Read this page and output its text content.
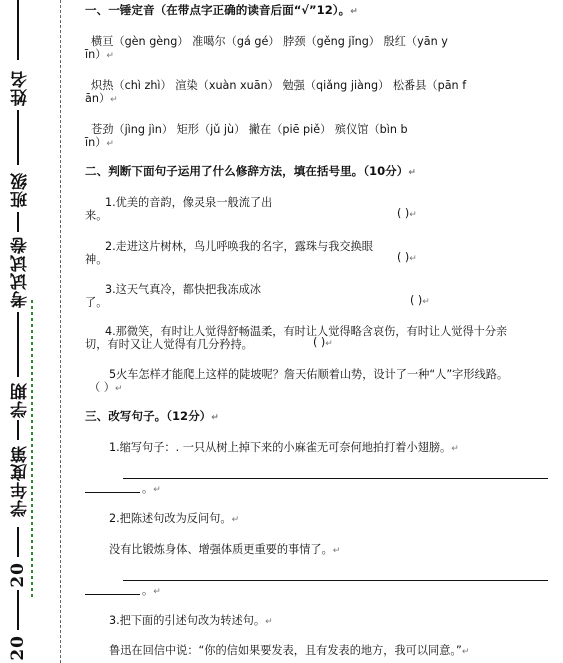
姓名
班级
考试试卷
学期
学年度第
20
20
一、一锤定音（在带点字正确的读音后面“√”12）。↵
横亘（gèn gèng） 准噶尔（gá gé） 脖颈（gěng jǐng） 殷红（yān y
īn）↵
炽热（chì zhì） 渲染（xuàn xuān） 勉强（qiǎng jiàng） 松番县（pān f
ān）↵
苍劲（jìng jìn） 矩形（jǔ jù） 撇在（piē piě） 殡仪馆（bìn b
īn）↵
二、判断下面句子运用了什么修辞方法，填在括号里。（10分）↵
1.优美的音韵，像灵泉一般流了出
来。	( )↵
2.走进这片树林，鸟儿呼唤我的名字，露珠与我交换眼
神。	( )↵
3.这天气真冷，都快把我冻成冰
了。	( )↵
4.那微笑，有时让人觉得舒畅温柔，有时让人觉得略含哀伤，有时让人觉得十分亲
切，有时又让人觉得有几分矜持。	( )↵
5火车怎样才能爬上这样的陡坡呢？詹天佑顺着山势，设计了一种“人”字形线路。
（ ）↵
三、改写句子。（12分）↵
1.缩写句子：. 一只从树上掉下来的小麻雀无可奈何地拍打着小翅膀。↵
。↵
2.把陈述句改为反问句。↵
没有比锻炼身体、增强体质更重要的事情了。↵
。↵
3.把下面的引述句改为转述句。↵
鲁迅在回信中说：“你的信如果要发表，且有发表的地方，我可以同意。”↵
